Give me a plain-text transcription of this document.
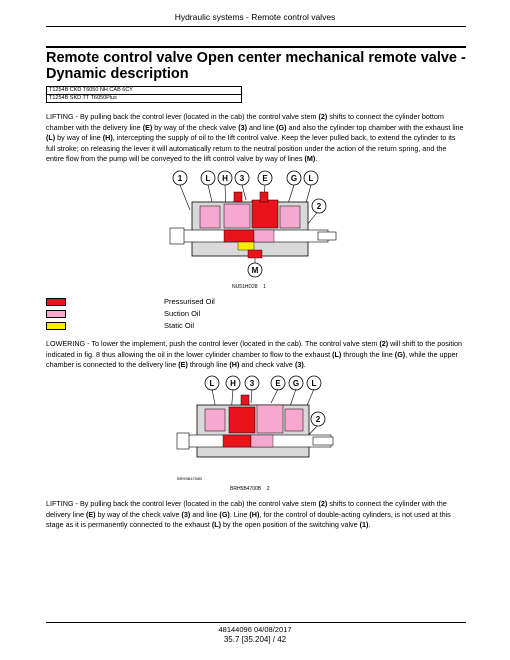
Hydraulic systems - Remote control valves
Remote control valve Open center mechanical remote valve - Dynamic description
T1254B CKD T6050 NH CAB 6CY
T1254B SKD TT T6050Plus

LIFTING - By pulling back the control lever (located in the cab) the control valve stem (2) shifts to connect the cylinder bottom chamber with the delivery line (E) by way of the check valve (3) and line (G) and also the cylinder top chamber with the exhaust line (L) by way of line (H), intercepting the supply of oil to the lift control valve. Keep the lever pulled back, to extend the cylinder to its full stroke; on releasing the lever it will automatically return to the neutral position under the action of the return spring, and the entire flow from the pump will be conveyed to the lift control valve by way of lines (M).

1	L H 3 E	G L
M
2
NU51HD28 1
Pressurised Oil
Suction Oil
Static Oil

LOWERING - To lower the implement, push the control lever (located in the cab). The control valve stem (2) will shift to the position indicated in fig. 8 thus allowing the oil in the lower cylinder chamber to flow to the exhaust (L) through the line (G), while the upper chamber is connected to the delivery line (E) through line (H) and check valve (3).

L H 3	E G L
2
BRH5B4700B
BRH5B4700B 2

LIFTING - By pulling back the control lever (located in the cab) the control valve stem (2) shifts to connect the cylinder with the delivery line (E) by way of the check valve (3) and line (G). Line (H), for the control of double-acting cylinders, is not used at this stage as it is permanently connected to the exhaust (L) by the open position of the switching valve (1).

48144096 04/08/2017
35.7 [35.204] / 42
